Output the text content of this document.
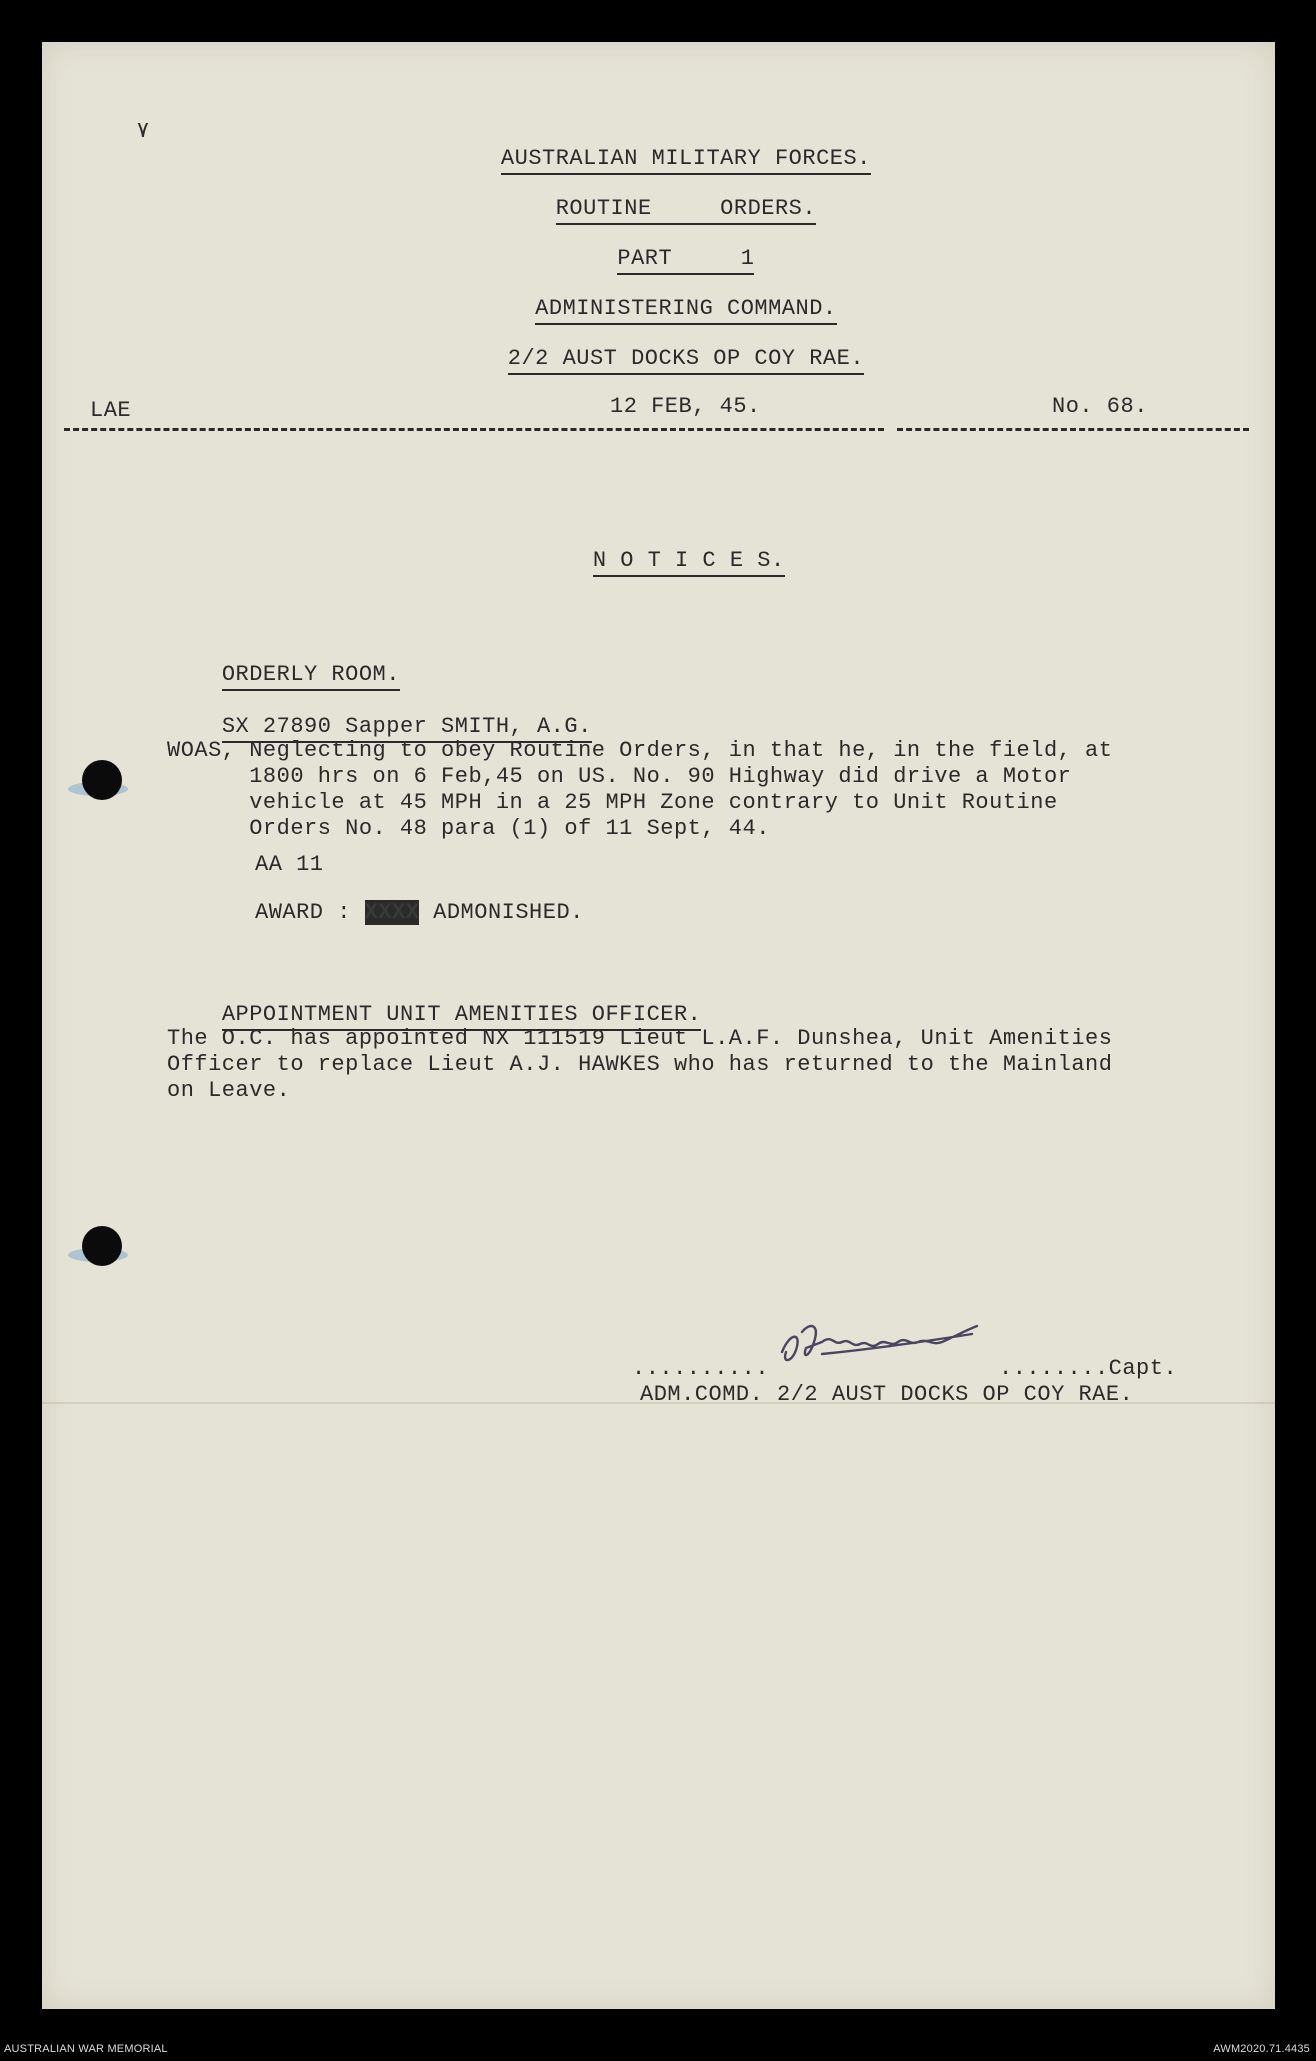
٧

AUSTRALIAN MILITARY FORCES.

ROUTINE     ORDERS.

PART     1

ADMINISTERING COMMAND.

2/2 AUST DOCKS OP COY RAE.

LAE	12 FEB, 45.	No. 68.

N O T I C E S.

ORDERLY ROOM.

SX 27890 Sapper SMITH, A.G.

WOAS, Neglecting to obey Routine Orders, in that he, in the field, at
1800 hrs on 6 Feb,45 on US. No. 90 Highway did drive a Motor
vehicle at 45 MPH in a 25 MPH Zone contrary to Unit Routine
Orders No. 48 para (1) of 11 Sept, 44.
AA 11
AWARD : XXXX ADMONISHED.

APPOINTMENT UNIT AMENITIES OFFICER.

The O.C. has appointed NX 111519 Lieut L.A.F. Dunshea, Unit Amenities
Officer to replace Lieut A.J. HAWKES who has returned to the Mainland
on Leave.
..........	........Capt.
ADM.COMD. 2/2 AUST DOCKS OP COY RAE.
AUSTRALIAN WAR MEMORIAL	AWM2020.71.4435
